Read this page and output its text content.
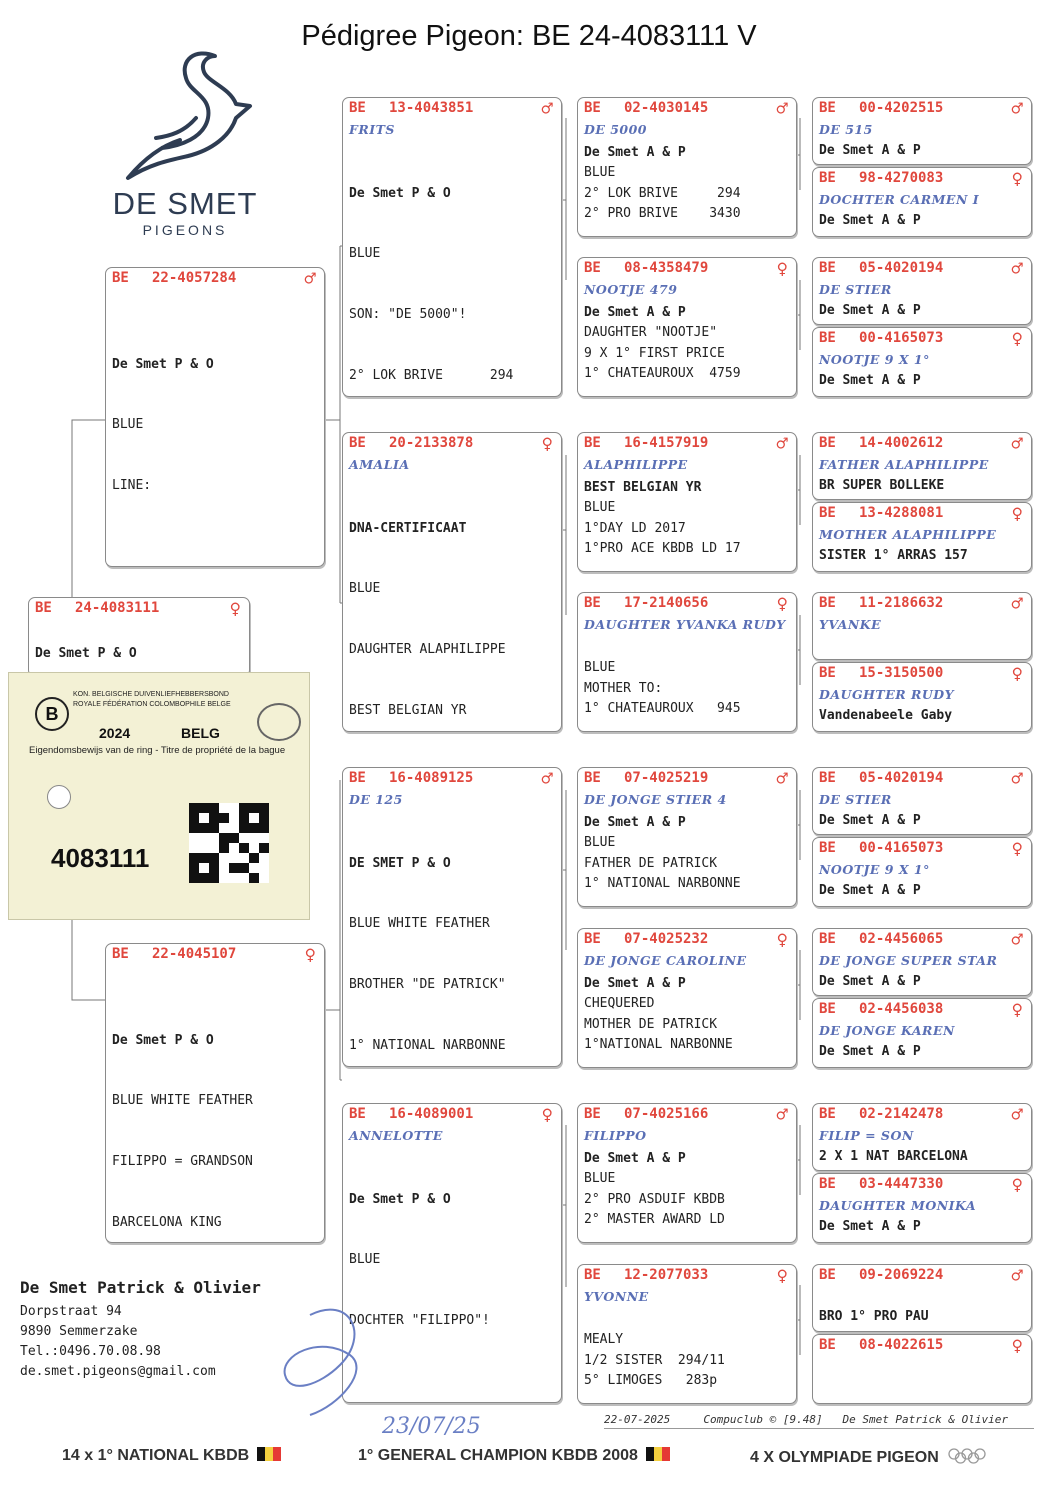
Pédigree Pigeon: BE 24-4083111 V
DE SMET
PIGEONS
BE 24-4083111	♀
De Smet P & O
B
KON. BELGISCHE DUIVENLIEFHEBBERSBOND
ROYALE FÉDÉRATION COLOMBOPHILE BELGE
2024	BELG
Eigendomsbewijs van de ring - Titre de propriété de la bague
4083111
BE 22-4057284	♂

De Smet P & O

BLUE

LINE:

BE 22-4045107	♀

De Smet P & O

BLUE WHITE FEATHER

FILIPPO = GRANDSON

BARCELONA KING

BE 13-4043851	♂
FRITS

De Smet P & O

BLUE

SON: "DE 5000"!

2° LOK BRIVE      294

BE 20-2133878	♀
AMALIA

DNA-CERTIFICAAT

BLUE

DAUGHTER ALAPHILIPPE

BEST BELGIAN YR

BE 16-4089125	♂
DE 125

DE SMET P & O

BLUE WHITE FEATHER

BROTHER "DE PATRICK"

1° NATIONAL NARBONNE

BE 16-4089001	♀
ANNELOTTE

De Smet P & O

BLUE

DOCHTER "FILIPPO"!

BE 02-4030145	♂
DE 5000
De Smet A & P
BLUE
2° LOK BRIVE     294
2° PRO BRIVE    3430
BE 08-4358479	♀
NOOTJE 479
De Smet A & P
DAUGHTER "NOOTJE"
9 X 1° FIRST PRICE
1° CHATEAUROUX  4759
BE 16-4157919	♂
ALAPHILIPPE
BEST BELGIAN YR
BLUE
1°DAY LD 2017
1°PRO ACE KBDB LD 17
BE 17-2140656	♀
DAUGHTER YVANKA RUDY
BLUE
MOTHER TO:
1° CHATEAUROUX   945
BE 07-4025219	♂
DE JONGE STIER 4
De Smet A & P
BLUE
FATHER DE PATRICK
1° NATIONAL NARBONNE
BE 07-4025232	♀
DE JONGE CAROLINE
De Smet A & P
CHEQUERED
MOTHER DE PATRICK
1°NATIONAL NARBONNE
BE 07-4025166	♂
FILIPPO
De Smet A & P
BLUE
2° PRO ASDUIF KBDB
2° MASTER AWARD LD
BE 12-2077033	♀
YVONNE
MEALY
1/2 SISTER  294/11
5° LIMOGES   283p
BE 00-4202515	♂
DE 515
De Smet A & P
BE 98-4270083	♀
DOCHTER CARMEN I
De Smet A & P
BE 05-4020194	♂
DE STIER
De Smet A & P
BE 00-4165073	♀
NOOTJE 9 X 1°
De Smet A & P
BE 14-4002612	♂
FATHER ALAPHILIPPE
BR SUPER BOLLEKE
BE 13-4288081	♀
MOTHER ALAPHILIPPE
SISTER 1° ARRAS 157
BE 11-2186632	♂
YVANKE
BE 15-3150500	♀
DAUGHTER RUDY
Vandenabeele Gaby
BE 05-4020194	♂
DE STIER
De Smet A & P
BE 00-4165073	♀
NOOTJE 9 X 1°
De Smet A & P
BE 02-4456065	♂
DE JONGE SUPER STAR
De Smet A & P
BE 02-4456038	♀
DE JONGE KAREN
De Smet A & P
BE 02-2142478	♂
FILIP = SON
2 X 1 NAT BARCELONA
BE 03-4447330	♀
DAUGHTER MONIKA
De Smet A & P
BE 09-2069224	♂
BRO 1° PRO PAU
BE 08-4022615	♀
De Smet Patrick & Olivier
Dorpstraat 94
9890 Semmerzake
Tel.:0496.70.08.98
de.smet.pigeons@gmail.com
23/07/25	22-07-2025	Compuclub © [9.48] De Smet Patrick & Olivier
14 x 1° NATIONAL KBDB	1° GENERAL CHAMPION KBDB 2008	4 X OLYMPIADE PIGEON
